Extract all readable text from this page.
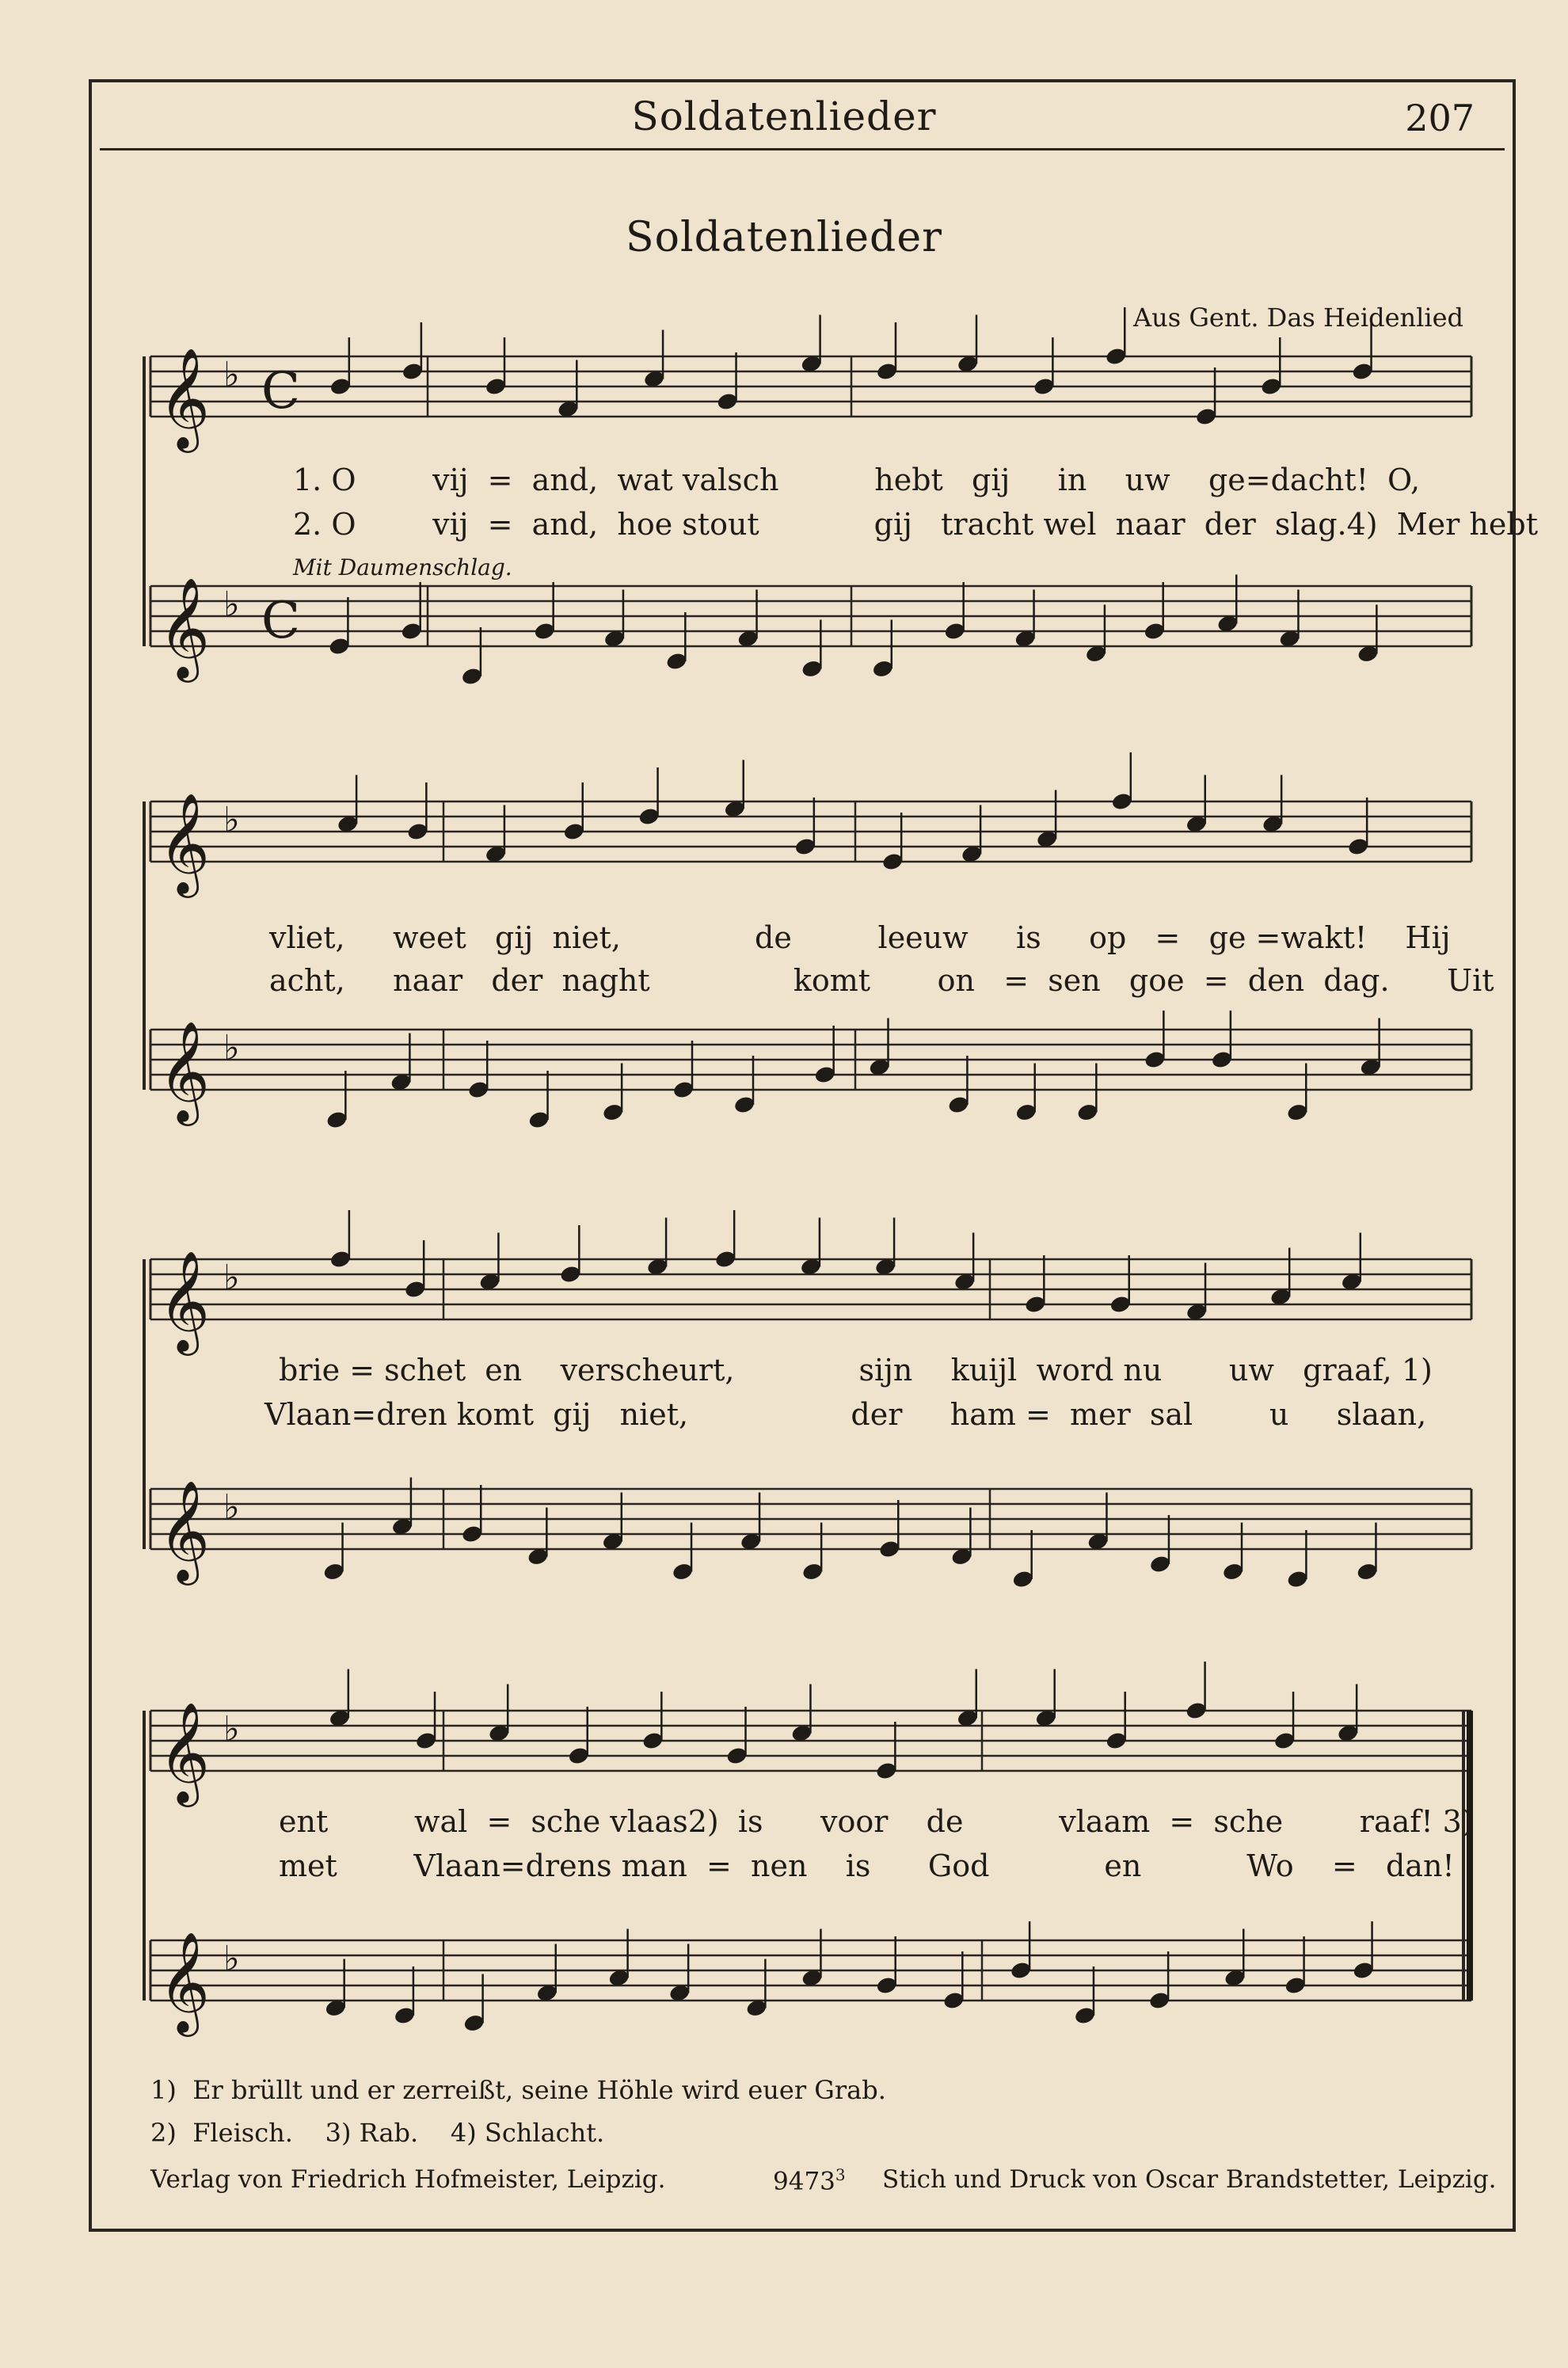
Soldatenlieder	207
Soldatenlieder
Aus Gent. Das Heidenlied
Mit Daumenschlag.
𝄞 ♭
𝄞 ♭
𝄞 ♭
𝄞 ♭
𝄞 ♭
𝄞 ♭
𝄞 ♭
𝄞 ♭
C
C
1. O        vij  =  and,  wat valsch          hebt   gij     in    uw    ge=dacht!  O,
2. O        vij  =  and,  hoe stout            gij   tracht wel  naar  der  slag.4)  Mer hebt
vliet,     weet   gij  niet,              de         leeuw     is     op   =   ge =wakt!    Hij
acht,     naar   der  naght               komt       on   =  sen   goe  =  den  dag.      Uit
brie = schet  en    verscheurt,             sijn    kuijl  word nu       uw   graaf, 1)
Vlaan=dren komt  gij   niet,                 der     ham =  mer  sal        u     slaan,
ent         wal  =  sche vlaas2)  is      voor    de          vlaam  =  sche        raaf! 3)
met        Vlaan=drens man  =  nen    is      God            en           Wo    =   dan!
1)  Er brüllt und er zerreißt, seine Höhle wird euer Grab.
2)  Fleisch.    3) Rab.    4) Schlacht.
Verlag von Friedrich Hofmeister, Leipzig.	9473$^3$ Stich und Druck von Oscar Brandstetter, Leipzig.
